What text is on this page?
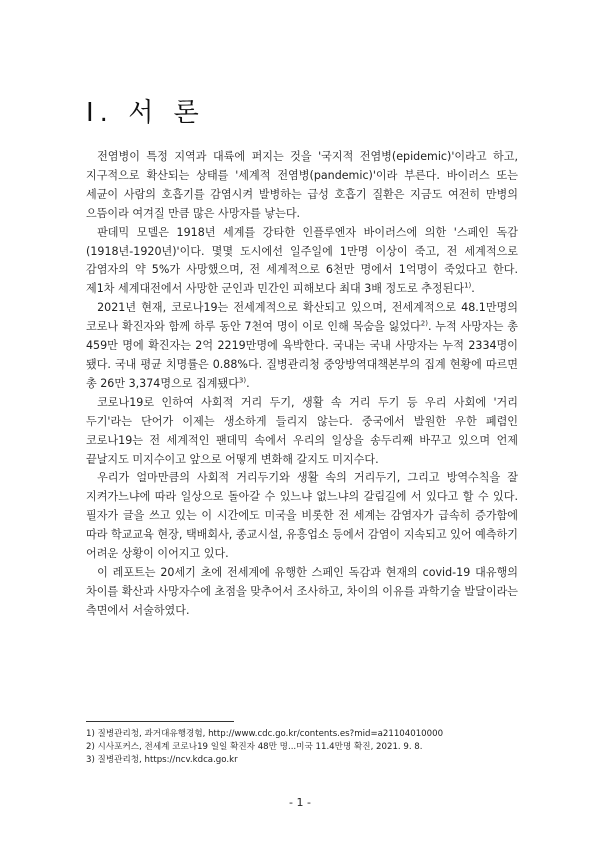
I. 서 론

전염병이 특정 지역과 대륙에 퍼지는 것을 '국지적 전염병(epidemic)'이라고 하고, 지구적으로 확산되는 상태를 '세계적 전염병(pandemic)'이라 부른다. 바이러스 또는 세균이 사람의 호흡기를 감염시켜 발병하는 급성 호흡기 질환은 지금도 여전히 만병의 으뜸이라 여겨질 만큼 많은 사망자를 낳는다.

판데믹 모델은 1918년 세계를 강타한 인플루엔자 바이러스에 의한 '스페인 독감(1918년-1920년)'이다. 몇몇 도시에선 일주일에 1만명 이상이 죽고, 전 세계적으로 감염자의 약 5%가 사망했으며, 전 세계적으로 6천만 명에서 1억명이 죽었다고 한다. 제1차 세계대전에서 사망한 군인과 민간인 피해보다 최대 3배 정도로 추정된다$^{1)}$.

2021년 현재, 코로나19는 전세계적으로 확산되고 있으며, 전세계적으로 48.1만명의 코로나 확진자와 함께 하루 동안 7천여 명이 이로 인해 목숨을 잃었다$^{2)}$. 누적 사망자는 총 459만 명에 확진자는 2억 2219만명에 육박한다. 국내는 국내 사망자는 누적 2334명이 됐다. 국내 평균 치명률은 0.88%다. 질병관리청 중앙방역대책본부의 집계 현황에 따르면 총 26만 3,374명으로 집계됐다$^{3)}$.

코로나19로 인하여 사회적 거리 두기, 생활 속 거리 두기 등 우리 사회에 '거리 두기'라는 단어가 이제는 생소하게 들리지 않는다. 중국에서 발원한 우한 폐렴인 코로나19는 전 세계적인 팬데믹 속에서 우리의 일상을 송두리째 바꾸고 있으며 언제 끝날지도 미지수이고 앞으로 어떻게 변화해 갈지도 미지수다.

우리가 얼마만큼의 사회적 거리두기와 생활 속의 거리두기, 그리고 방역수칙을 잘 지켜가느냐에 따라 일상으로 돌아갈 수 있느냐 없느냐의 갈림길에 서 있다고 할 수 있다. 필자가 글을 쓰고 있는 이 시간에도 미국을 비롯한 전 세계는 감염자가 급속히 증가함에 따라 학교교육 현장, 택배회사, 종교시설, 유흥업소 등에서 감염이 지속되고 있어 예측하기 어려운 상황이 이어지고 있다.

이 레포트는 20세기 초에 전세계에 유행한 스페인 독감과 현재의 covid-19 대유행의 차이를 확산과 사망자수에 초점을 맞추어서 조사하고, 차이의 이유를 과학기술 발달이라는 측면에서 서술하였다.

1) 질병관리청, 과거대유행경험, http://www.cdc.go.kr/contents.es?mid=a21104010000

2) 시사포커스, 전세계 코로나19 일일 확진자 48만 명...미국 11.4만명 확진, 2021. 9. 8.

3) 질병관리청, https://ncv.kdca.go.kr

- 1 -
